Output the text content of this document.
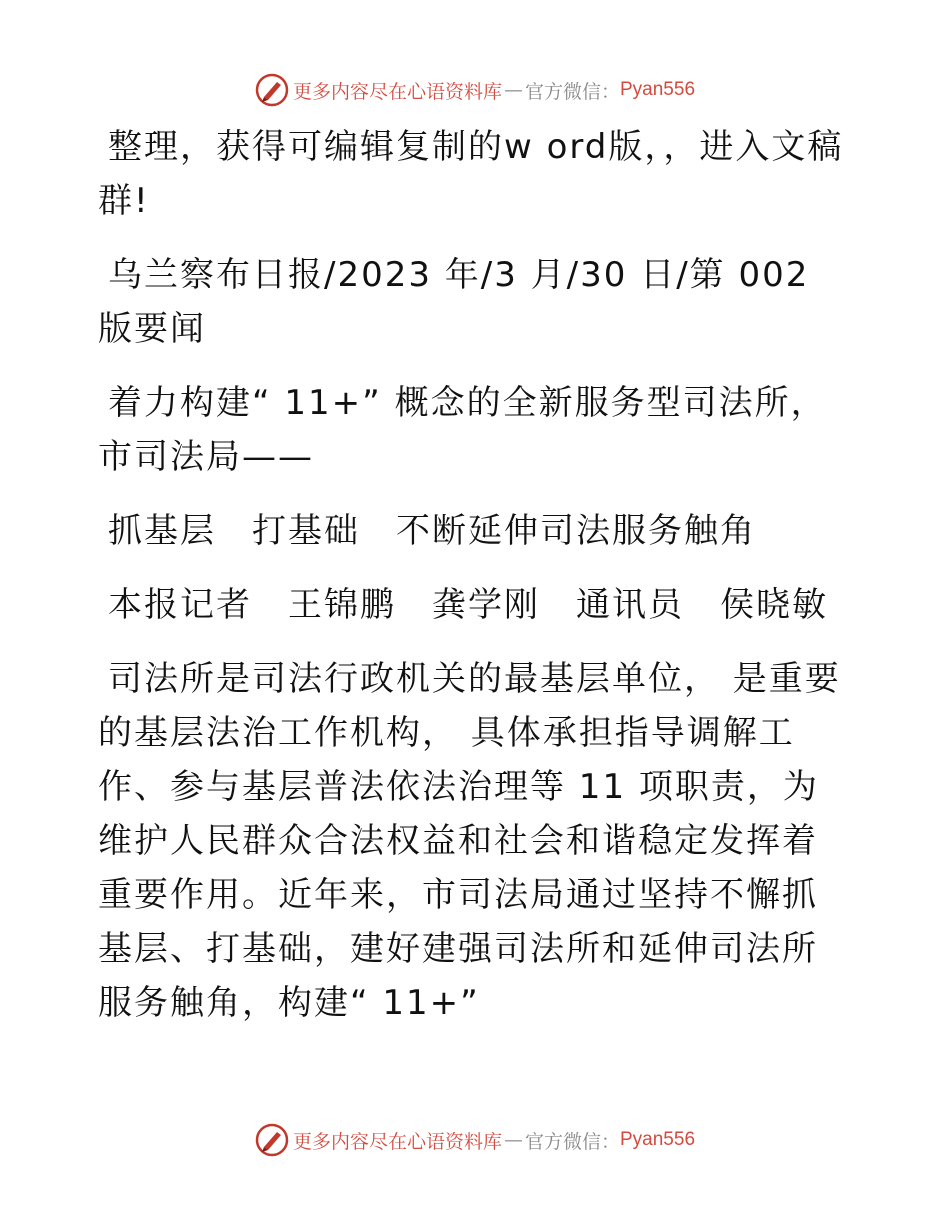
更多内容尽在心语资料库 — 官方微信： Pyan556

整理，获得可编辑复制的w ord版，，进入文稿群!

乌兰察布日报/2023 年/3 月/30 日/第 002 版要闻

着力构建“ 11+” 概念的全新服务型司法所，市司法局——

抓基层　打基础　不断延伸司法服务触角

本报记者　王锦鹏　龚学刚　通讯员　侯晓敏

司法所是司法行政机关的最基层单位， 是重要的基层法治工作机构， 具体承担指导调解工作、参与基层普法依法治理等 11 项职责，为维护人民群众合法权益和社会和谐稳定发挥着重要作用。近年来，市司法局通过坚持不懈抓基层、打基础，建好建强司法所和延伸司法所服务触角，构建“ 11+”

更多内容尽在心语资料库 — 官方微信： Pyan556
